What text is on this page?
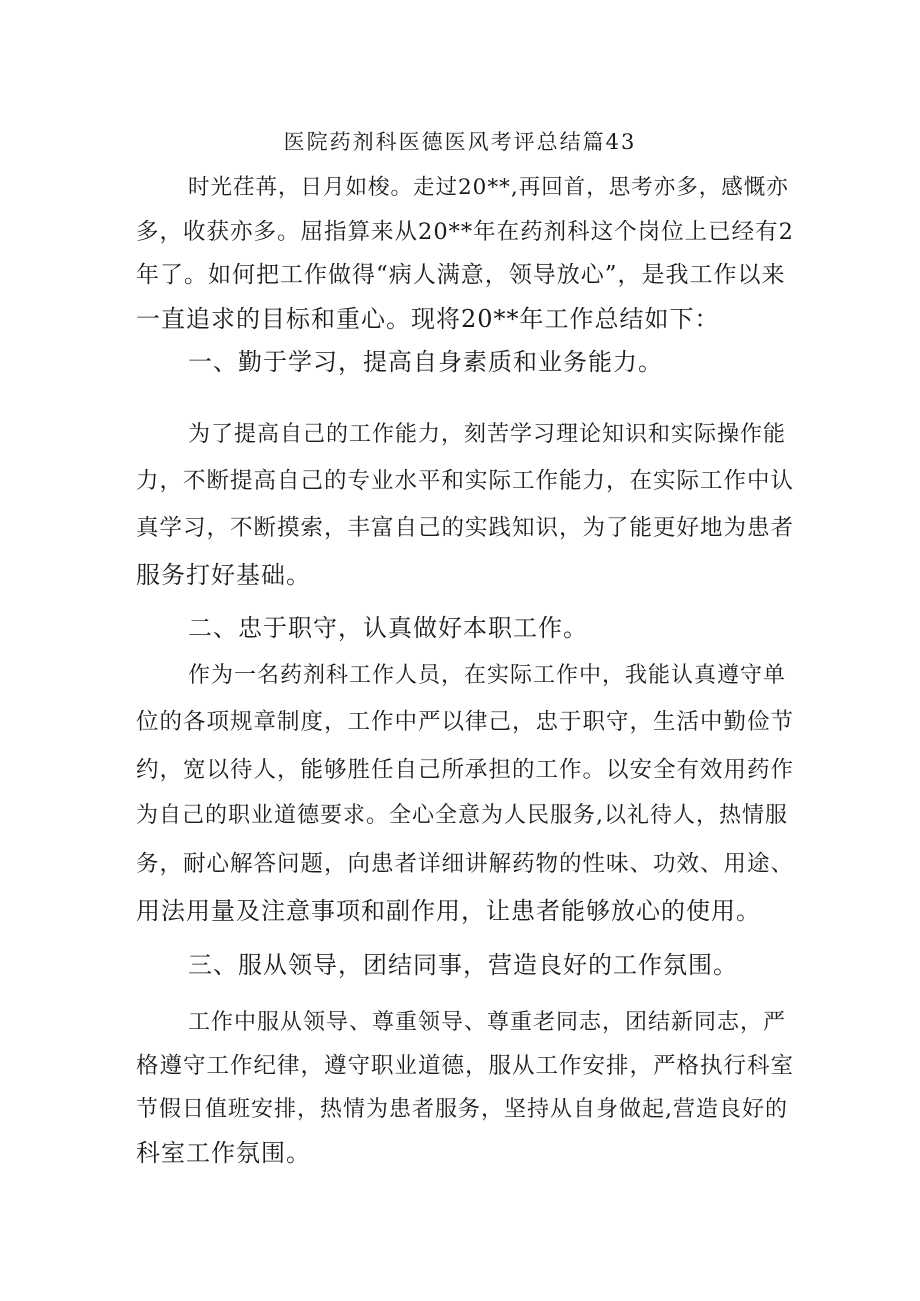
医院药剂科医德医风考评总结篇43
时光荏苒，日月如梭。走过20**,再回首，思考亦多，感慨亦
多，收获亦多。屈指算来从20**年在药剂科这个岗位上已经有2
年了。如何把工作做得“病人满意，领导放心”，是我工作以来
一直追求的目标和重心。现将20**年工作总结如下：
一、勤于学习，提高自身素质和业务能力。
为了提高自己的工作能力，刻苦学习理论知识和实际操作能
力，不断提高自己的专业水平和实际工作能力，在实际工作中认
真学习，不断摸索，丰富自己的实践知识，为了能更好地为患者
服务打好基础。
二、忠于职守，认真做好本职工作。
作为一名药剂科工作人员，在实际工作中，我能认真遵守单
位的各项规章制度，工作中严以律己，忠于职守，生活中勤俭节
约，宽以待人，能够胜任自己所承担的工作。以安全有效用药作
为自己的职业道德要求。全心全意为人民服务,以礼待人，热情服
务，耐心解答问题，向患者详细讲解药物的性味、功效、用途、
用法用量及注意事项和副作用，让患者能够放心的使用。
三、服从领导，团结同事，营造良好的工作氛围。
工作中服从领导、尊重领导、尊重老同志，团结新同志，严
格遵守工作纪律，遵守职业道德，服从工作安排，严格执行科室
节假日值班安排，热情为患者服务，坚持从自身做起,营造良好的
科室工作氛围。
